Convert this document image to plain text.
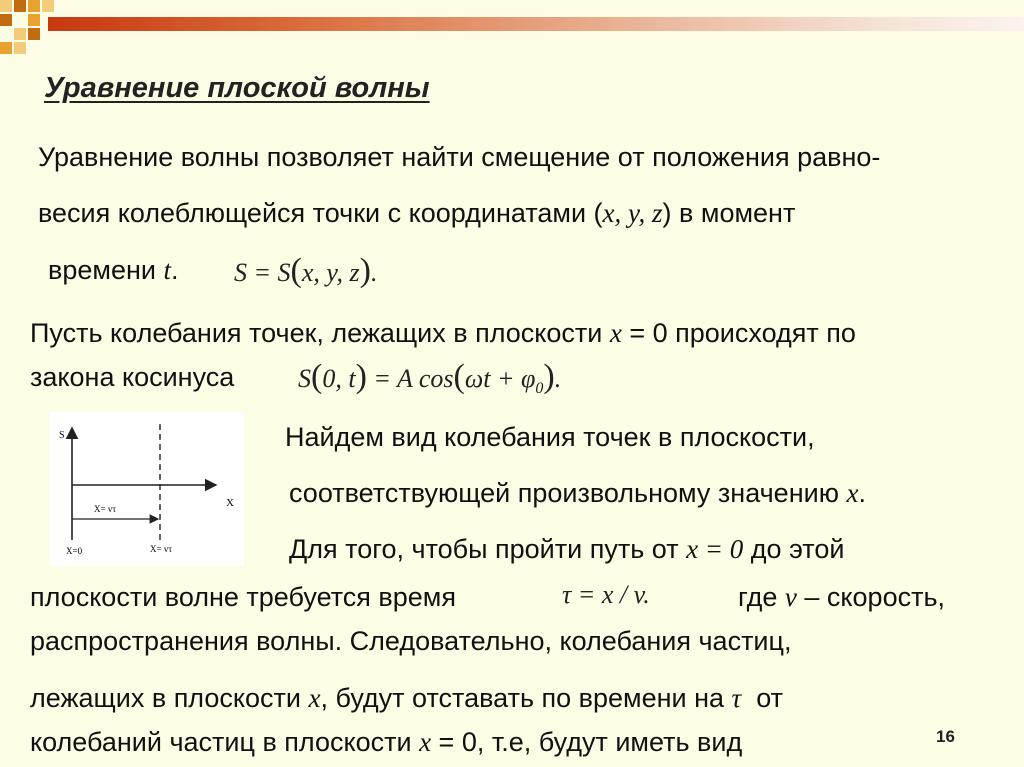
Уравнение плоской волны
Уравнение волны позволяет найти смещение от положения равно-
весия колеблющейся точки с координатами (x, y, z) в момент
времени t. S = S(x, y, z).
Пусть колебания точек, лежащих в плоскости x = 0 происходят по
закона косинуса S(0, t) = A $\cos(\omega t + \varphi_0)$.
S
X
X= vτ
X=0	X= vτ
Найдем вид колебания точек в плоскости,
соответствующей произвольному значению x.
Для того, чтобы пройти путь от x = 0 до этой
плоскости волне требуется время	τ = x / v.	где v – скорость,
распространения волны. Следовательно, колебания частиц,
лежащих в плоскости x, будут отставать по времени на τ  от
колебаний частиц в плоскости x = 0, т.е, будут иметь вид	16
